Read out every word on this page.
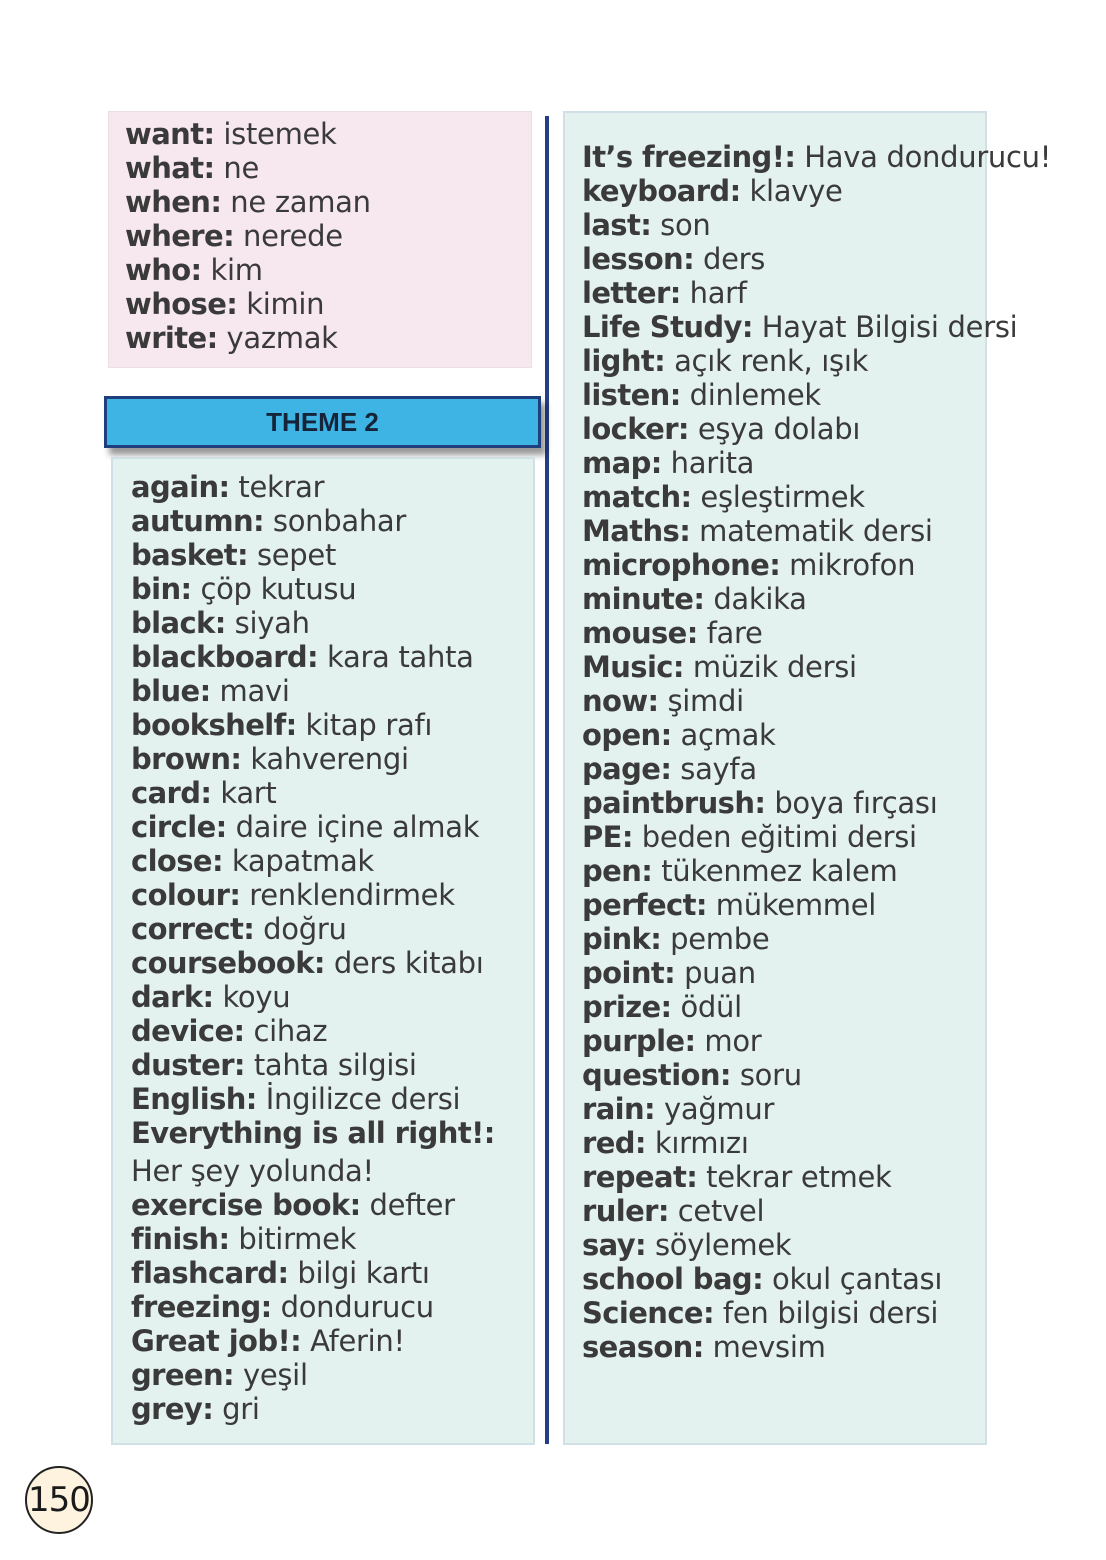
want: istemek
what: ne
when: ne zaman
where: nerede
who: kim
whose: kimin
write: yazmak
THEME 2
again: tekrar
autumn: sonbahar
basket: sepet
bin: çöp kutusu
black: siyah
blackboard: kara tahta
blue: mavi
bookshelf: kitap rafı
brown: kahverengi
card: kart
circle: daire içine almak
close: kapatmak
colour: renklendirmek
correct: doğru
coursebook: ders kitabı
dark: koyu
device: cihaz
duster: tahta silgisi
English: İngilizce dersi
Everything is all right!:
Her şey yolunda!
exercise book: defter
finish: bitirmek
flashcard: bilgi kartı
freezing: dondurucu
Great job!: Aferin!
green: yeşil
grey: gri
It’s freezing!: Hava dondurucu!
keyboard: klavye
last: son
lesson: ders
letter: harf
Life Study: Hayat Bilgisi dersi
light: açık renk, ışık
listen: dinlemek
locker: eşya dolabı
map: harita
match: eşleştirmek
Maths: matematik dersi
microphone: mikrofon
minute: dakika
mouse: fare
Music: müzik dersi
now: şimdi
open: açmak
page: sayfa
paintbrush: boya fırçası
PE: beden eğitimi dersi
pen: tükenmez kalem
perfect: mükemmel
pink: pembe
point: puan
prize: ödül
purple: mor
question: soru
rain: yağmur
red: kırmızı
repeat: tekrar etmek
ruler: cetvel
say: söylemek
school bag: okul çantası
Science: fen bilgisi dersi
season: mevsim
150
